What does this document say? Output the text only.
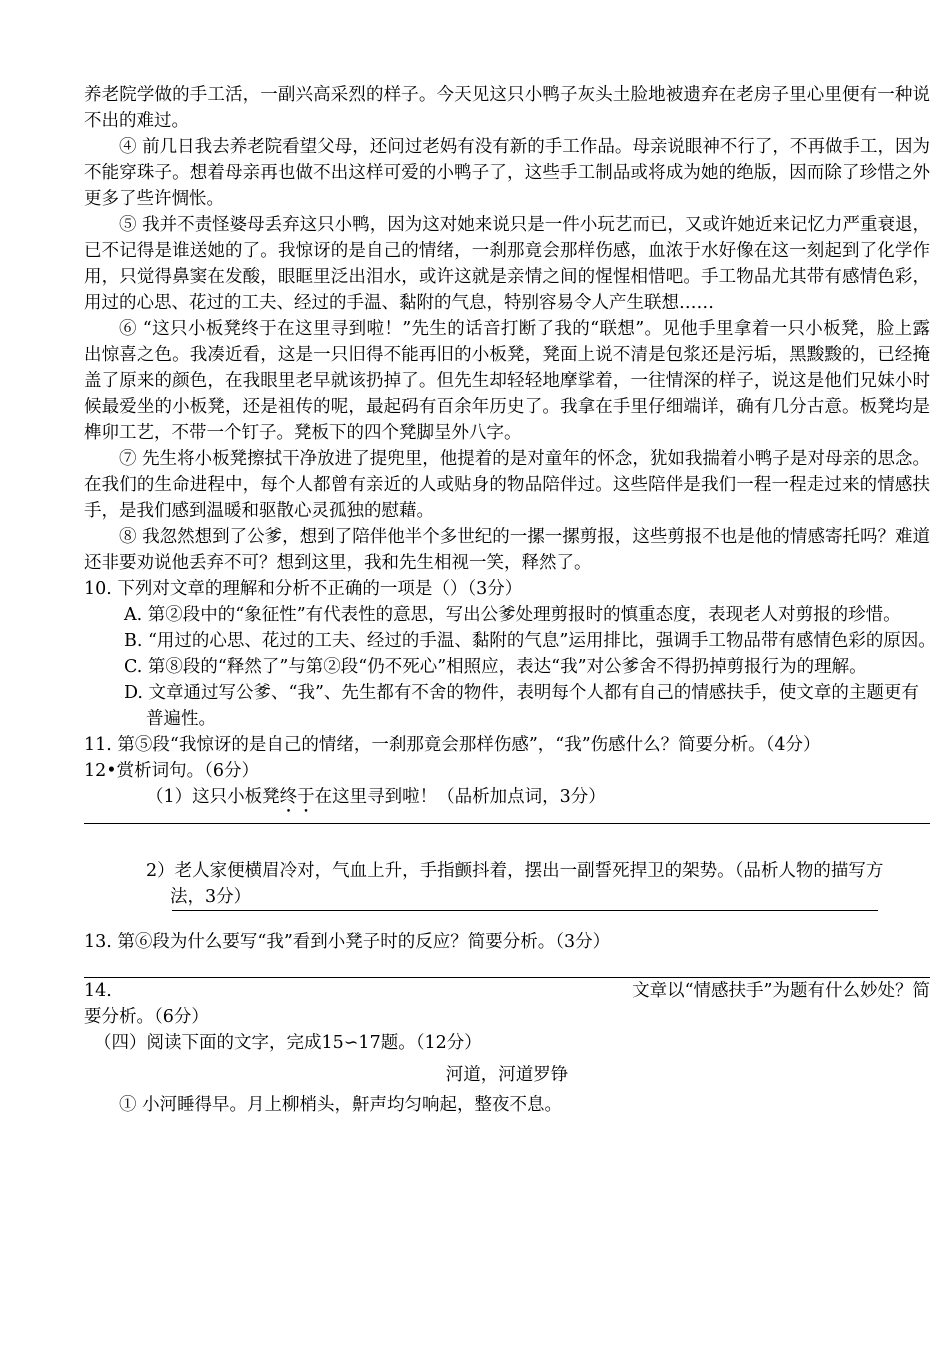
养老院学做的手工活，一副兴高采烈的样子。今天见这只小鸭子灰头土脸地被遗弃在老房子里心里便有一种说不出的难过。

④ 前几日我去养老院看望父母，还问过老妈有没有新的手工作品。母亲说眼神不行了，不再做手工，因为不能穿珠子。想着母亲再也做不出这样可爱的小鸭子了，这些手工制品或将成为她的绝版，因而除了珍惜之外更多了些许惆怅。

⑤ 我并不责怪婆母丢弃这只小鸭，因为这对她来说只是一件小玩艺而已，又或许她近来记忆力严重衰退，已不记得是谁送她的了。我惊讶的是自己的情绪，一刹那竟会那样伤感，血浓于水好像在这一刻起到了化学作用，只觉得鼻窦在发酸，眼眶里泛出泪水，或许这就是亲情之间的惺惺相惜吧。手工物品尤其带有感情色彩，用过的心思、花过的工夫、经过的手温、黏附的气息，特别容易令人产生联想……

⑥ “这只小板凳终于在这里寻到啦！”先生的话音打断了我的“联想”。见他手里拿着一只小板凳，脸上露出惊喜之色。我凑近看，这是一只旧得不能再旧的小板凳，凳面上说不清是包浆还是污垢，黑黢黢的，已经掩盖了原来的颜色，在我眼里老早就该扔掉了。但先生却轻轻地摩挲着，一往情深的样子，说这是他们兄妹小时候最爱坐的小板凳，还是祖传的呢，最起码有百余年历史了。我拿在手里仔细端详，确有几分古意。板凳均是榫卯工艺，不带一个钉子。凳板下的四个凳脚呈外八字。

⑦ 先生将小板凳擦拭干净放进了提兜里，他提着的是对童年的怀念，犹如我揣着小鸭子是对母亲的思念。在我们的生命进程中，每个人都曾有亲近的人或贴身的物品陪伴过。这些陪伴是我们一程一程走过来的情感扶手，是我们感到温暖和驱散心灵孤独的慰藉。

⑧ 我忽然想到了公爹，想到了陪伴他半个多世纪的一摞一摞剪报，这些剪报不也是他的情感寄托吗？难道还非要劝说他丢弃不可？想到这里，我和先生相视一笑，释然了。

10. 下列对文章的理解和分析不正确的一项是（）（3分）

A. 第②段中的“象征性”有代表性的意思，写出公爹处理剪报时的慎重态度，表现老人对剪报的珍惜。

B. “用过的心思、花过的工夫、经过的手温、黏附的气息”运用排比，强调手工物品带有感情色彩的原因。

C. 第⑧段的“释然了”与第②段“仍不死心”相照应，表达“我”对公爹舍不得扔掉剪报行为的理解。

D. 文章通过写公爹、“我”、先生都有不舍的物件，表明每个人都有自己的情感扶手，使文章的主题更有普遍性。

11. 第⑤段“我惊讶的是自己的情绪，一刹那竟会那样伤感”，“我”伤感什么？简要分析。（4分）

12•赏析词句。（6分）

（1）这只小板凳终于在这里寻到啦！（品析加点词，3分）

2）老人家便横眉冷对，气血上升，手指颤抖着，摆出一副誓死捍卫的架势。（品析人物的描写方法，3分）

13. 第⑥段为什么要写“我”看到小凳子时的反应？简要分析。（3分）

14.	文章以“情感扶手”为题有什么妙处？简

要分析。（6分）

（四）阅读下面的文字，完成15∽17题。（12分）

河道，河道罗铮

① 小河睡得早。月上柳梢头，鼾声均匀响起，整夜不息。
